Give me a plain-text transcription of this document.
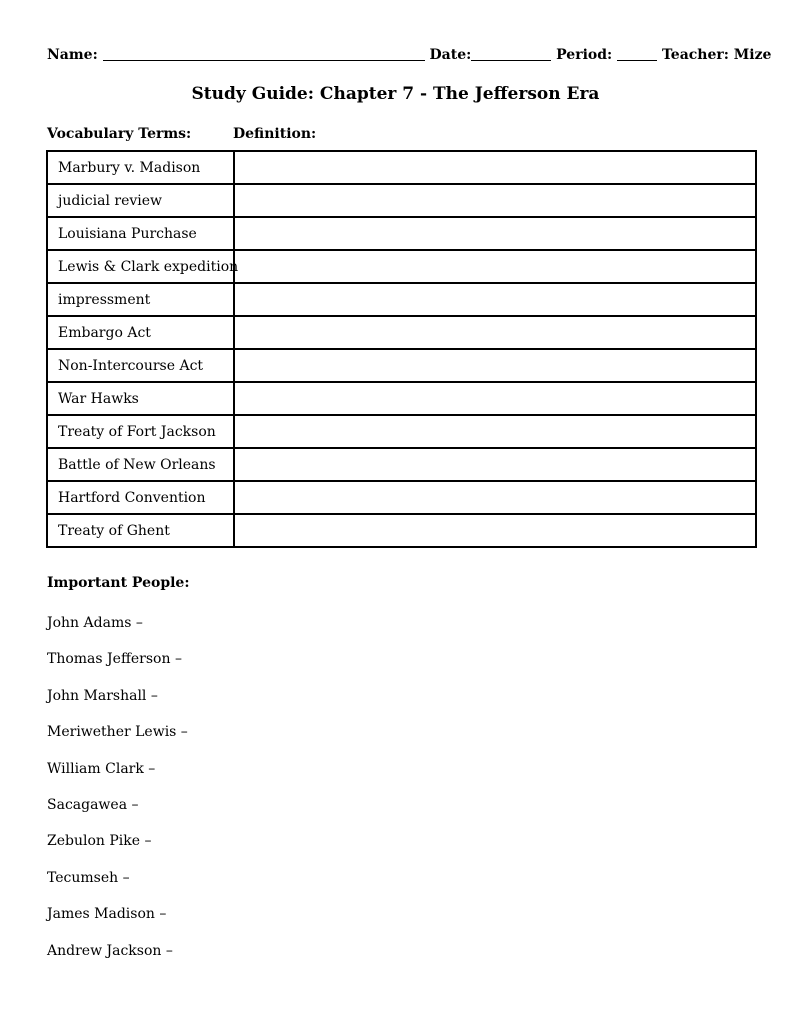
Name:	Date:	Period:	Teacher: Mize
Study Guide: Chapter 7 - The Jefferson Era
Vocabulary Terms:	Definition:
Marbury v. Madison	
judicial review	
Louisiana Purchase	
Lewis & Clark expedition	
impressment	
Embargo Act	
Non-Intercourse Act	
War Hawks	
Treaty of Fort Jackson	
Battle of New Orleans	
Hartford Convention	
Treaty of Ghent	
Important People:
John Adams –
Thomas Jefferson –
John Marshall –
Meriwether Lewis –
William Clark –
Sacagawea –
Zebulon Pike –
Tecumseh –
James Madison –
Andrew Jackson –
